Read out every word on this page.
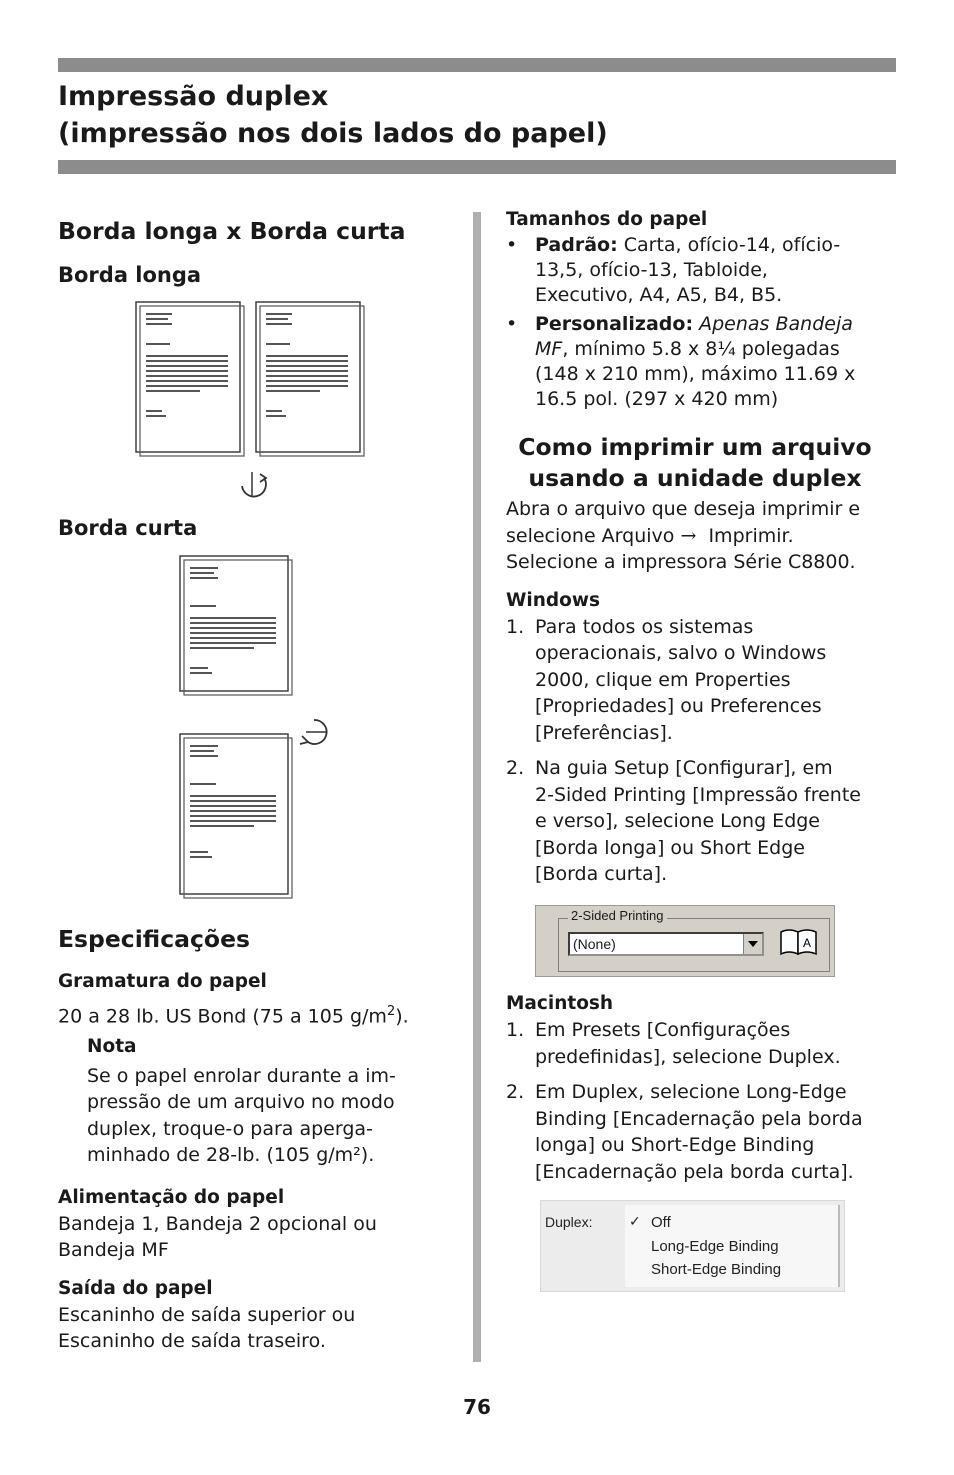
Impressão duplex
(impressão nos dois lados do papel)
Borda longa x Borda curta
Borda longa
Borda curta
Especificações
Gramatura do papel

20 a 28 lb. US Bond (75 a 105 $g/m^2$).

Nota

Se o papel enrolar durante a im-
pressão de um arquivo no modo
duplex, troque-o para aperga-
minhado de 28-lb. (105 g/m²).

Alimentação do papel

Bandeja 1, Bandeja 2 opcional ou
Bandeja MF

Saída do papel

Escaninho de saída superior ou
Escaninho de saída traseiro.

Tamanhos do papel
• Padrão: Carta, ofício-14, ofício-
13,5, ofício-13, Tabloide,
Executivo, A4, A5, B4, B5.
• Personalizado: Apenas Bandeja
MF, mínimo 5.8 x 8¼ polegadas
(148 x 210 mm), máximo 11.69 x
16.5 pol. (297 x 420 mm)
Como imprimir um arquivo
usando a unidade duplex

Abra o arquivo que deseja imprimir e
selecione Arquivo →  Imprimir.
Selecione a impressora Série C8800.

Windows
1. Para todos os sistemas
operacionais, salvo o Windows
2000, clique em Properties
[Propriedades] ou Preferences
[Preferências].
2. Na guia Setup [Configurar], em
2-Sided Printing [Impressão frente
e verso], selecione Long Edge
[Borda longa] ou Short Edge
[Borda curta].
2-Sided Printing
(None)	A
Macintosh
1. Em Presets [Configurações
predefinidas], selecione Duplex.
2. Em Duplex, selecione Long-Edge
Binding [Encadernação pela borda
longa] ou Short-Edge Binding
[Encadernação pela borda curta].
Duplex:	✓ Off
Long-Edge Binding
Short-Edge Binding
76
